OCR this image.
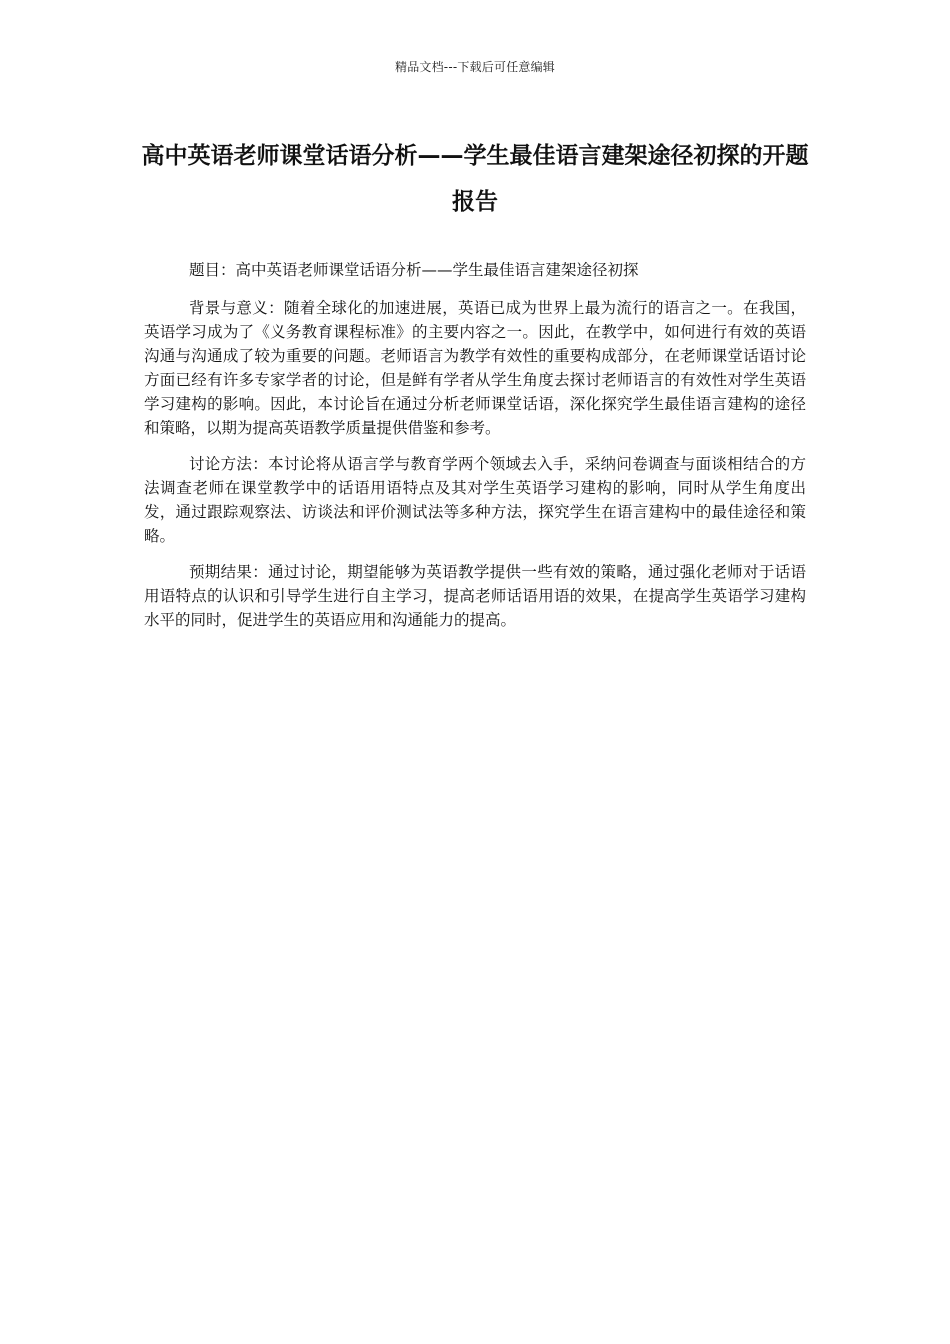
精品文档---下载后可任意编辑
高中英语老师课堂话语分析——学生最佳语言建架途径初探的开题报告

题目：高中英语老师课堂话语分析——学生最佳语言建架途径初探

背景与意义：随着全球化的加速进展，英语已成为世界上最为流行的语言之一。在我国，英语学习成为了《义务教育课程标准》的主要内容之一。因此，在教学中，如何进行有效的英语沟通与沟通成了较为重要的问题。老师语言为教学有效性的重要构成部分，在老师课堂话语讨论方面已经有许多专家学者的讨论，但是鲜有学者从学生角度去探讨老师语言的有效性对学生英语学习建构的影响。因此，本讨论旨在通过分析老师课堂话语，深化探究学生最佳语言建构的途径和策略，以期为提高英语教学质量提供借鉴和参考。

讨论方法：本讨论将从语言学与教育学两个领域去入手，采纳问卷调查与面谈相结合的方法调查老师在课堂教学中的话语用语特点及其对学生英语学习建构的影响，同时从学生角度出发，通过跟踪观察法、访谈法和评价测试法等多种方法，探究学生在语言建构中的最佳途径和策略。

预期结果：通过讨论，期望能够为英语教学提供一些有效的策略，通过强化老师对于话语用语特点的认识和引导学生进行自主学习，提高老师话语用语的效果，在提高学生英语学习建构水平的同时，促进学生的英语应用和沟通能力的提高。
